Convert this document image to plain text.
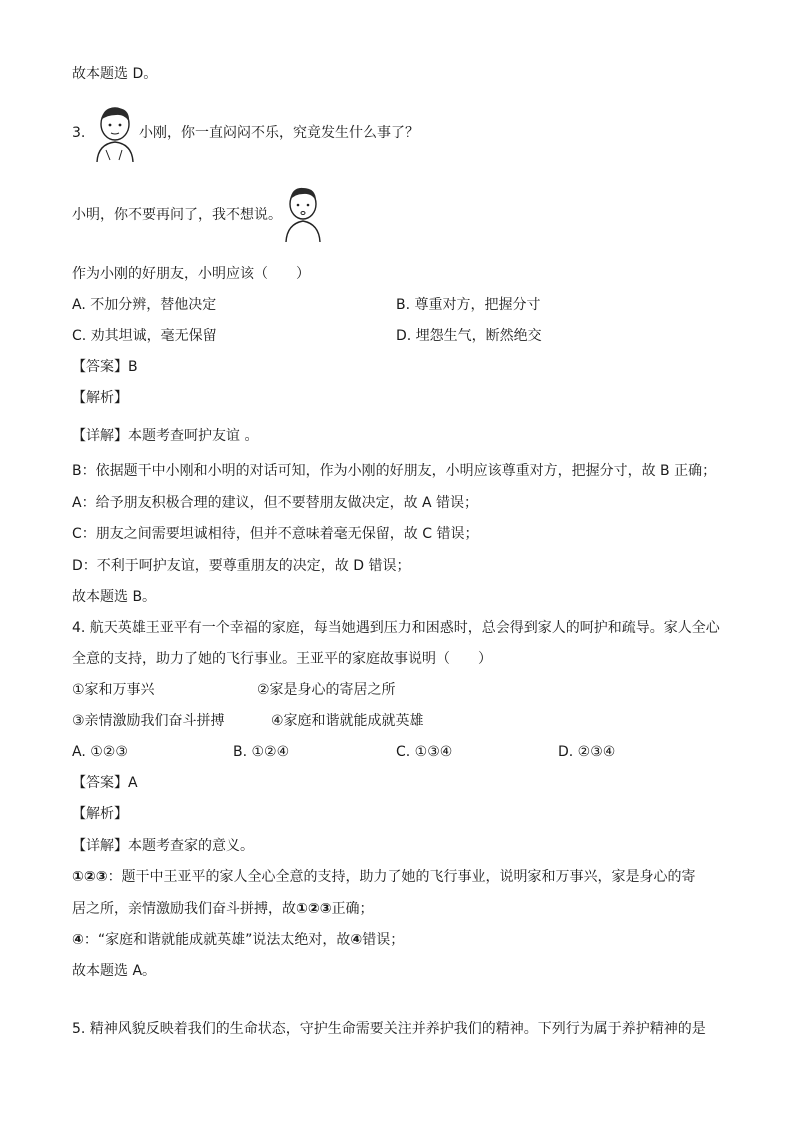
故本题选 D。
3.	小刚，你一直闷闷不乐，究竟发生什么事了？
小明，你不要再问了，我不想说。
作为小刚的好朋友，小明应该（　　）
A. 不加分辨，替他决定	B. 尊重对方，把握分寸
C. 劝其坦诚，毫无保留	D. 埋怨生气，断然绝交
【答案】B
【解析】
【详解】本题考查呵护友谊 。
B：依据题干中小刚和小明的对话可知，作为小刚的好朋友，小明应该尊重对方，把握分寸，故 B 正确；
A：给予朋友积极合理的建议，但不要替朋友做决定，故 A 错误；
C：朋友之间需要坦诚相待，但并不意味着毫无保留，故 C 错误；
D：不利于呵护友谊，要尊重朋友的决定，故 D 错误；
故本题选 B。
4. 航天英雄王亚平有一个幸福的家庭，每当她遇到压力和困惑时，总会得到家人的呵护和疏导。家人全心
全意的支持，助力了她的飞行事业。王亚平的家庭故事说明（　　）
①家和万事兴	②家是身心的寄居之所
③亲情激励我们奋斗拼搏	④家庭和谐就能成就英雄
A. ①②③	B. ①②④	C. ①③④	D. ②③④
【答案】A
【解析】
【详解】本题考查家的意义。
①②③：题干中王亚平的家人全心全意的支持，助力了她的飞行事业，说明家和万事兴，家是身心的寄
居之所，亲情激励我们奋斗拼搏，故①②③正确；
④：“家庭和谐就能成就英雄”说法太绝对，故④错误；
故本题选 A。
5. 精神风貌反映着我们的生命状态，守护生命需要关注并养护我们的精神。下列行为属于养护精神的是
